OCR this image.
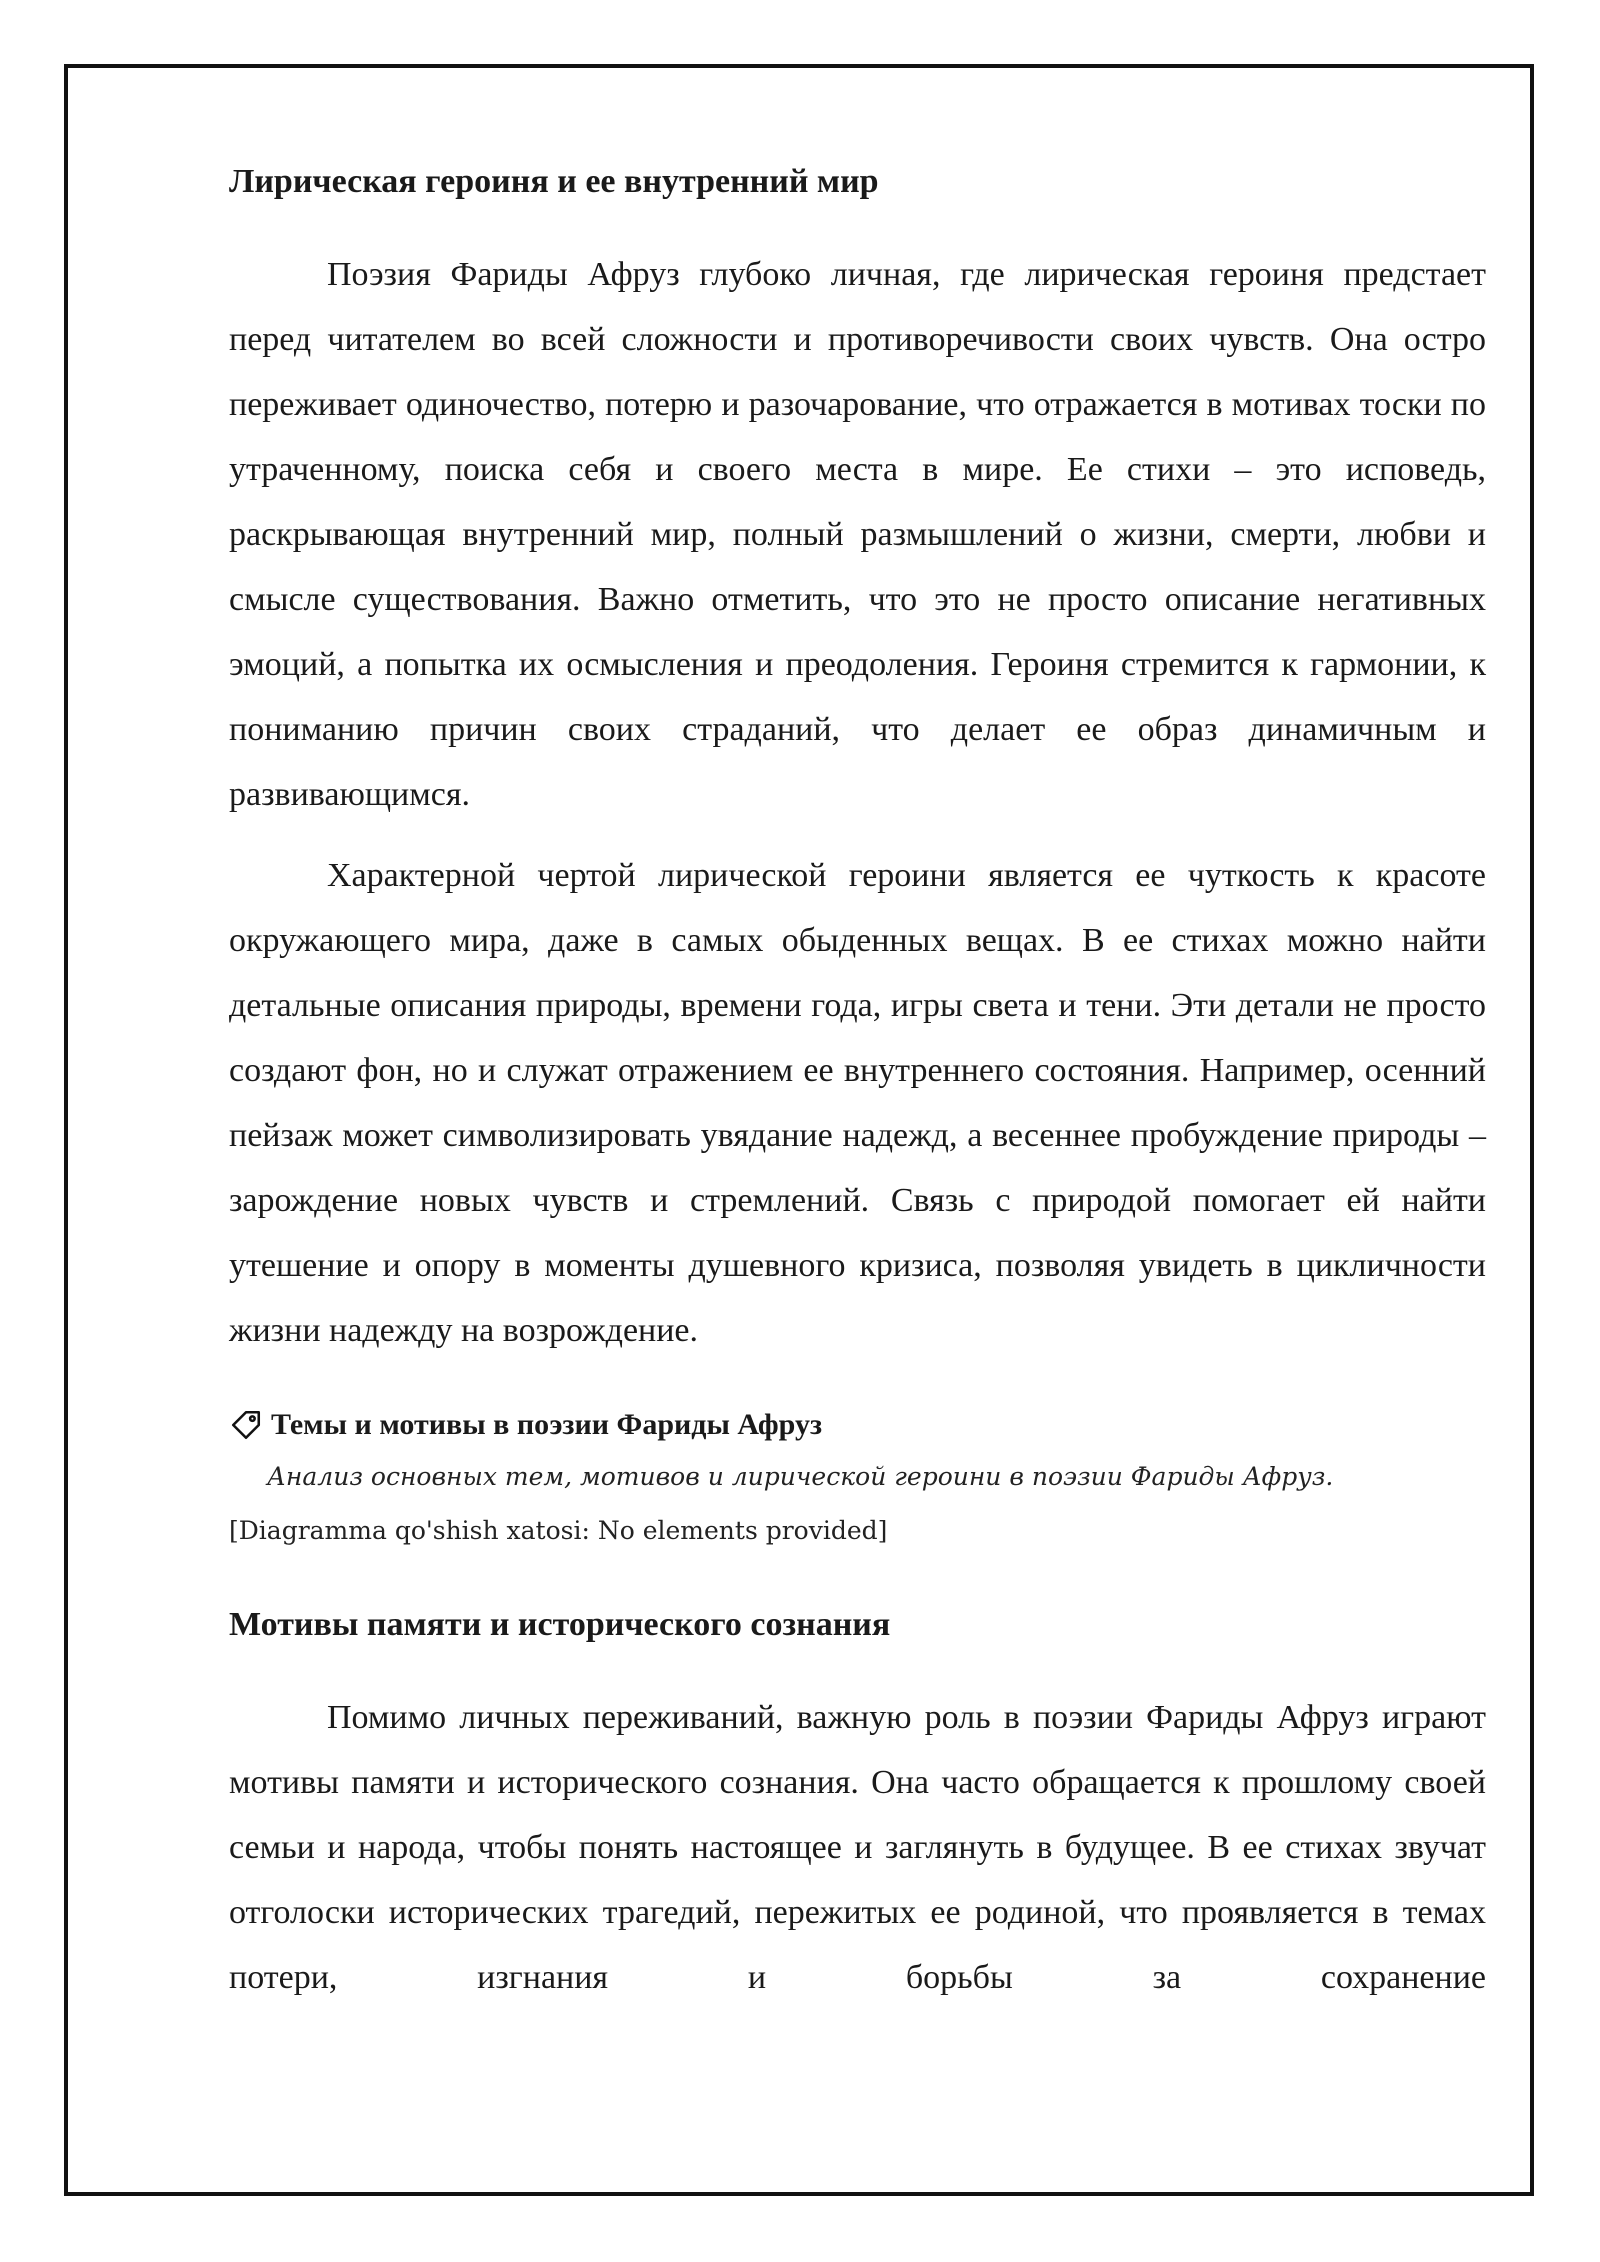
Лирическая героиня и ее внутренний мир

Поэзия Фариды Афруз глубоко личная, где лирическая героиня предстает перед читателем во всей сложности и противоречивости своих чувств. Она остро переживает одиночество, потерю и разочарование, что отражается в мотивах тоски по утраченному, поиска себя и своего места в мире. Ее стихи – это исповедь, раскрывающая внутренний мир, полный размышлений о жизни, смерти, любви и смысле существования. Важно отметить, что это не просто описание негативных эмоций, а попытка их осмысления и преодоления. Героиня стремится к гармонии, к пониманию причин своих страданий, что делает ее образ динамичным и развивающимся.

Характерной чертой лирической героини является ее чуткость к красоте окружающего мира, даже в самых обыденных вещах. В ее стихах можно найти детальные описания природы, времени года, игры света и тени. Эти детали не просто создают фон, но и служат отражением ее внутреннего состояния. Например, осенний пейзаж может символизировать увядание надежд, а весеннее пробуждение природы – зарождение новых чувств и стремлений. Связь с природой помогает ей найти утешение и опору в моменты душевного кризиса, позволяя увидеть в цикличности жизни надежду на возрождение.

Темы и мотивы в поэзии Фариды Афруз
Анализ основных тем, мотивов и лирической героини в поэзии Фариды Афруз.
[Diagramma qo'shish xatosi: No elements provided]
Мотивы памяти и исторического сознания

Помимо личных переживаний, важную роль в поэзии Фариды Афруз играют мотивы памяти и исторического сознания. Она часто обращается к прошлому своей семьи и народа, чтобы понять настоящее и заглянуть в будущее. В ее стихах звучат отголоски исторических трагедий, пережитых ее родиной, что проявляется в темах потери, изгнания и борьбы за сохранение
